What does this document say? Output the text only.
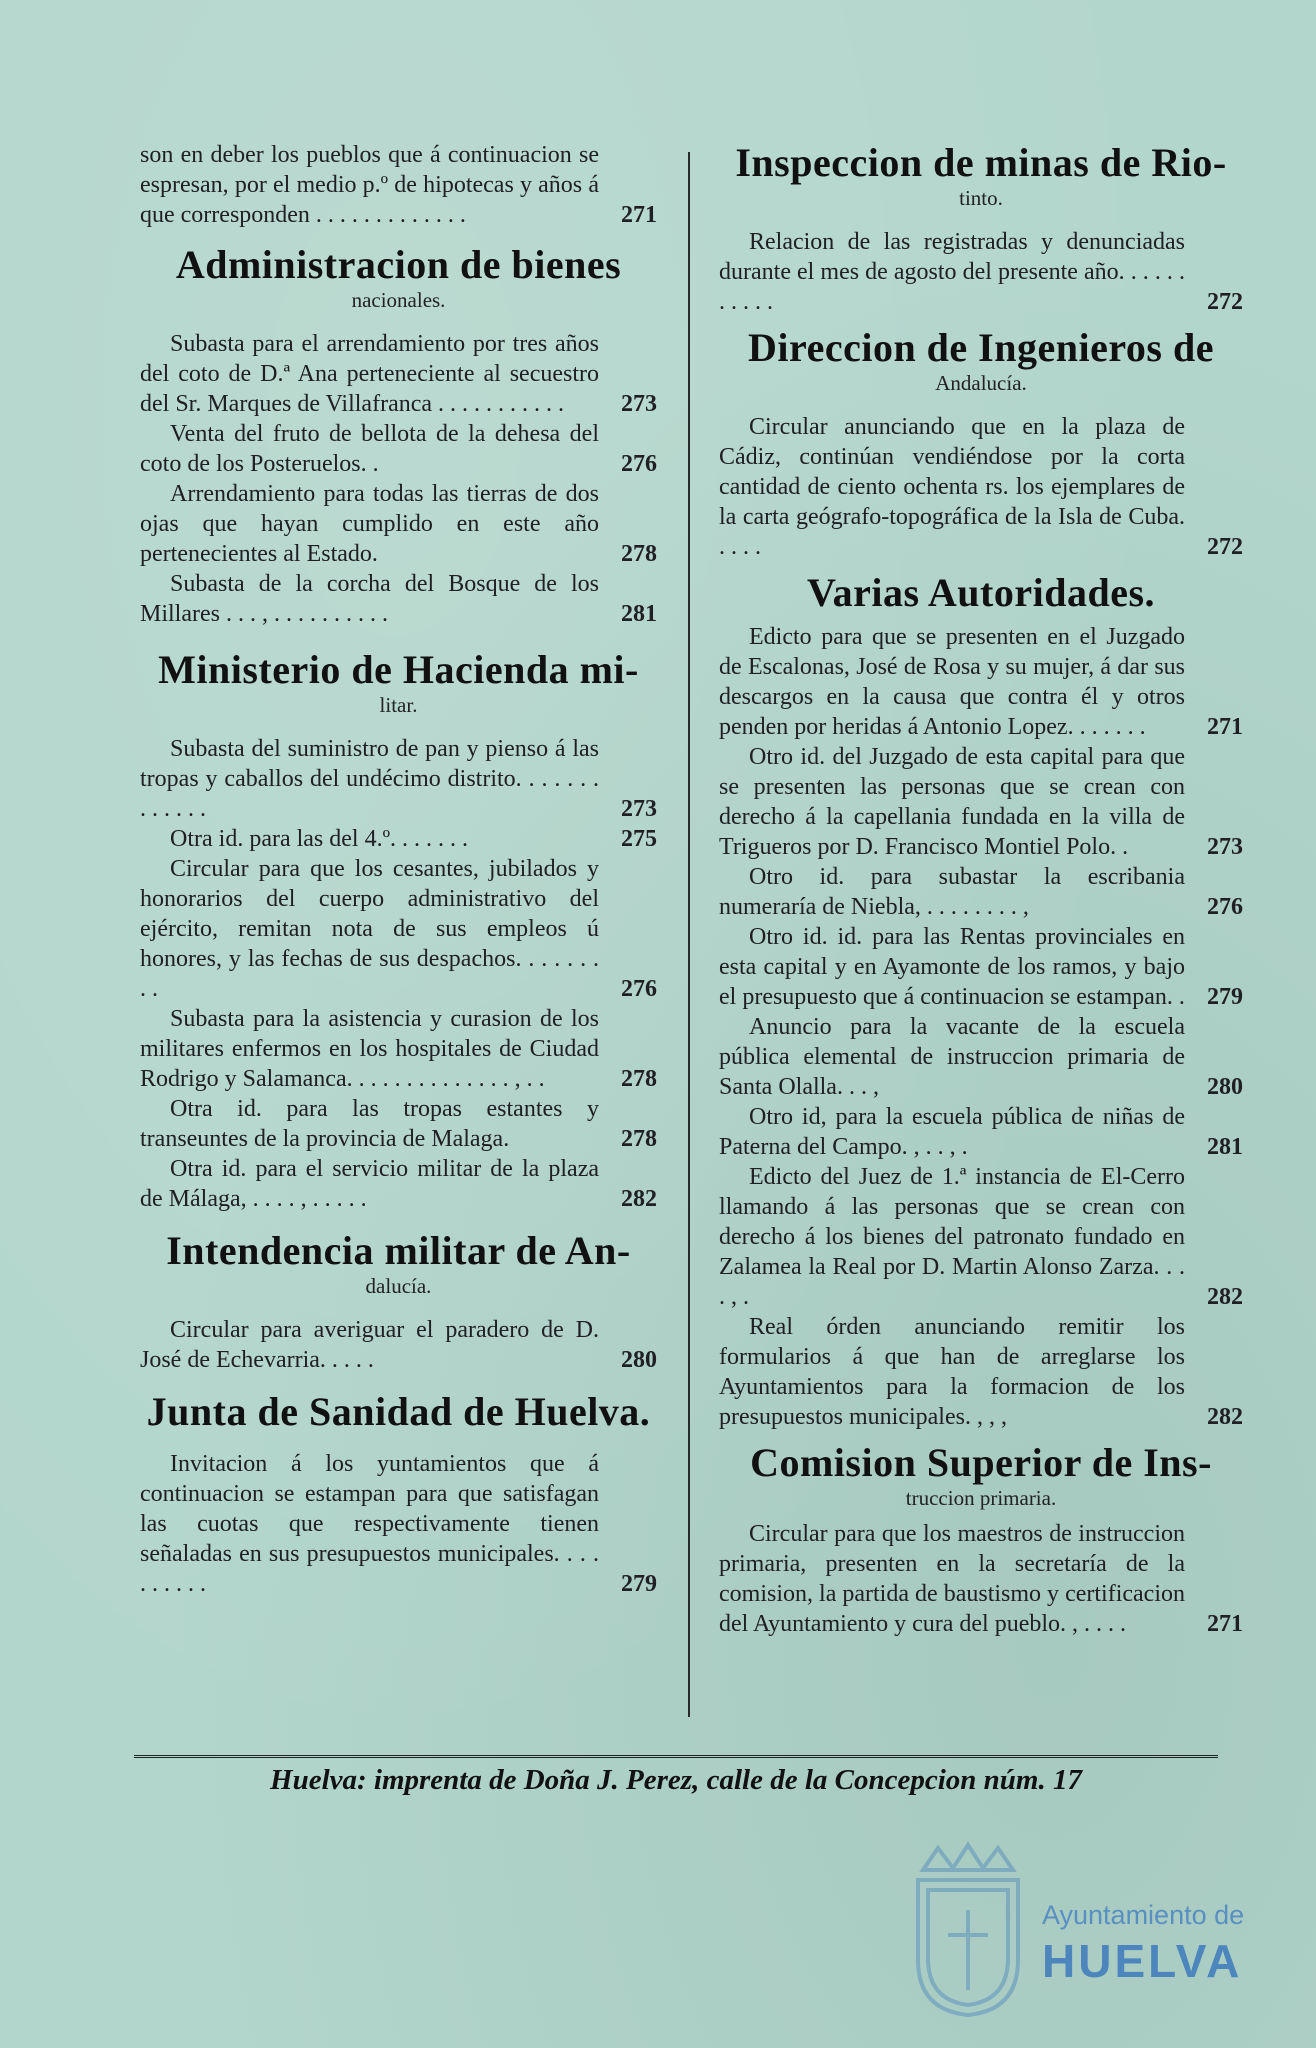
son en deber los pueblos que á continuacion se espresan, por el medio p.º de hipotecas y años á que corresponden . . . . . . . . . . . . .	271
Administracion de bienes
nacionales.
Subasta para el arrendamiento por tres años del coto de D.ª Ana perteneciente al secuestro del Sr. Marques de Villafranca . . . . . . . . . . .	273
Venta del fruto de bellota de la dehesa del coto de los Posteruelos. .	276
Arrendamiento para todas las tierras de dos ojas que hayan cumplido en este año pertenecientes al Estado.	278
Subasta de la corcha del Bosque de los Millares . . . , . . . . . . . . . .	281
Ministerio de Hacienda mi-
litar.
Subasta del suministro de pan y pienso á las tropas y caballos del undécimo distrito. . . . . . . . . . . . .	273
Otra id. para las del 4.º. . . . . . .	275
Circular para que los cesantes, jubilados y honorarios del cuerpo administrativo del ejército, remitan nota de sus empleos ú honores, y las fechas de sus despachos. . . . . . . . .	276
Subasta para la asistencia y curasion de los militares enfermos en los hospitales de Ciudad Rodrigo y Salamanca. . . . . . . . . . . . . . , . .	278
Otra id. para las tropas estantes y transeuntes de la provincia de Malaga.	278
Otra id. para el servicio militar de la plaza de Málaga, . . . . , . . . . .	282
Intendencia militar de An-
dalucía.
Circular para averiguar el paradero de D. José de Echevarria. . . . .	280
Junta de Sanidad de Huelva.
Invitacion á los yuntamientos que á continuacion se estampan para que satisfagan las cuotas que respectivamente tienen señaladas en sus presupuestos municipales. . . . . . . . . .	279
Inspeccion de minas de Rio-
tinto.
Relacion de las registradas y denunciadas durante el mes de agosto del presente año. . . . . . . . . . .	272
Direccion de Ingenieros de
Andalucía.
Circular anunciando que en la plaza de Cádiz, continúan vendiéndose por la corta cantidad de ciento ochenta rs. los ejemplares de la carta geógrafo-topográfica de la Isla de Cuba. . . . .	272
Varias Autoridades.
Edicto para que se presenten en el Juzgado de Escalonas, José de Rosa y su mujer, á dar sus descargos en la causa que contra él y otros penden por heridas á Antonio Lopez. . . . . . .	271
Otro id. del Juzgado de esta capital para que se presenten las personas que se crean con derecho á la capellania fundada en la villa de Trigueros por D. Francisco Montiel Polo. .	273
Otro id. para subastar la escribania numeraría de Niebla, . . . . . . . . ,	276
Otro id. id. para las Rentas provinciales en esta capital y en Ayamonte de los ramos, y bajo el presupuesto que á continuacion se estampan. . 279
Anuncio para la vacante de la escuela pública elemental de instruccion primaria de Santa Olalla. . . ,	280
Otro id, para la escuela pública de niñas de Paterna del Campo. , . . , .	281
Edicto del Juez de 1.ª instancia de El-Cerro llamando á las personas que se crean con derecho á los bienes del patronato fundado en Zalamea la Real por D. Martin Alonso Zarza. . . . , .	282
Real órden anunciando remitir los formularios á que han de arreglarse los Ayuntamientos para la formacion de los presupuestos municipales. , , ,	282
Comision Superior de Ins-
truccion primaria.
Circular para que los maestros de instruccion primaria, presenten en la secretaría de la comision, la partida de baustismo y certificacion del Ayuntamiento y cura del pueblo. , . . . .	271
Huelva: imprenta de Doña J. Perez, calle de la Concepcion núm. 17
Ayuntamiento de
HUELVA
